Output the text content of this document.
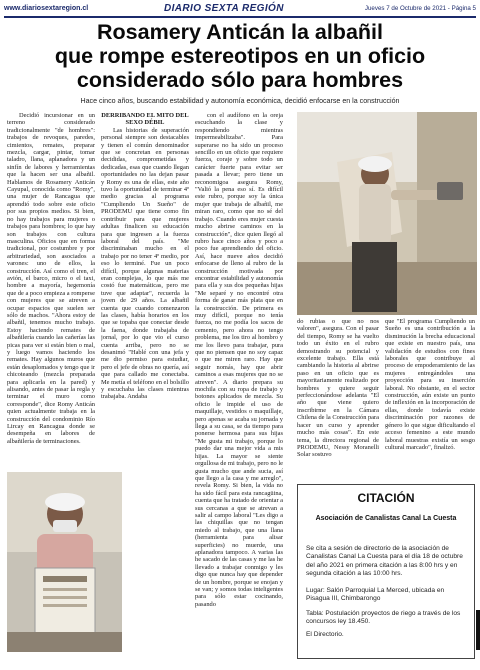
www.diariosextaregion.cl	DIARIO SEXTA REGIÓN	Jueves 7 de Octubre de 2021 - Página 5
Rosamery Anticán la albañil
que rompe estereotipos en un oficio
considerado sólo para hombres
Hace cinco años, buscando estabilidad y autonomía económica, decidió enfocarse en la construcción

Decidió incursionar en un terreno considerado tradicionalmente "de hombres": trabajos de revoques, paredes, cimientos, remates, preparar mezcla, cargar, pintar, tomar taladro, llana, aplanadora y un sinfín de labores y herramientas que la hacen ser una albañil. Hablamos de Rosamery Anticán Cayupal, conocida como "Romy", una mujer de Rancagua que aprendió todo sobre este oficio por sus propios medios. Si bien, no hay trabajos para mujeres o trabajos para hombres; lo que hay son trabajos con cultura masculina. Oficios que en forma tradicional, por costumbre y por arbitrariedad, son asociados a varones: uno de ellos, la construcción. Así como el tren, el avión, el barco, micro o el taxi, hombre a mayoría, hegemonía que de a poco empieza a romperse con mujeres que se atreven a ocupar espacios que suelen ser sólo de machos. "Ahora estoy de albañil, tenemos mucho trabajo. Estoy haciendo remates de albañilería cuando las cañerías las picas para ver si están bien o mal, y luego vamos haciendo los remates. Hay algunos muros que están desaplomados y tengo que ir chicoteando (mezcla preparada para aplicarla en la pared) y alisando, antes de pasar la regla y terminar el muro como corresponde", dice Romy Anticán quien actualmente trabaja en la construcción del condominio Río Lircay en Rancagua donde se desempeña en labores de albañilería de terminaciones.

DERRIBANDO EL MITO DEL SEXO DÉBIL

Las historias de superación personal siempre son destacables y tienen el común denominador que se concretan en personas decididas, comprometidas y dedicadas, esas que cuando llegan oportunidades no las dejan pasar y Romy es una de ellas, este año tuvo la oportunidad de terminar 4º medio gracias al programa "Cumpliendo Un Sueño" de PRODEMU que tiene como fin contribuir para que mujeres adultas finalicen su educación para que ingresen a la fuerza laboral del país. "Me discriminaban mucho en el trabajo por no tener 4º medio, por eso lo terminé. Fue un poco difícil, porque algunas materias eran complejas, lo que más me costó fue matemáticas, pero me tuve que adaptar", recuerda la joven de 29 años. La albañil cuenta que cuando comenzaron las clases, había horarios en los que se topaba que conectar desde la faena, donde trabajaba de jornal, por lo que vio el curso cuenta arriba, pero no se desanimó "Hablé con una jefa y me dio permiso para estudiar, pero el jefe de obras no quería, así que para callado me conectaba. Me metía el teléfono en el bolsillo y escuchaba las clases mientras trabajaba. Andaba

con el audífono en la oreja escuchando la clase y respondiendo mientras impermeabilizaba". Para superarse no ha sido un proceso sencillo en un oficio que requiere fuerza, coraje y sobre todo un carácter fuerte para evitar ser pasada a llevar; pero tiene un reconomigoa asegura Romy, "Valió la pena eso sí. Es difícil este rubro, porque soy la única mujer que trabaja de albañil, me miran raro, como que no sé del trabajo. Cuando eres mujer cuesta mucho abrirse caminos en la construcción", dice quien llegó al rubro hace cinco años y poco a poco fue aprendiendo del oficio. Así, hace nueve años decidió enfocarse de lleno al rubro de la construcción motivada por encontrar estabilidad y autonomía para ella y sus dos pequeñas hijas "Me separé y no encontré otra forma de ganar más plata que en la construcción. De primera es muy difícil, porque no tenía fuerza, no me podía los sacos de cemento, pero ahora no tengo problema, me los tiro al hombro y me los llevo para trabajar, pura que no piensen que no soy capaz o que me miren raro. Hay que seguir nomás, hay que abrir caminos a esas mujeres que no se atreven". A diario prepara su mochila con su ropa de trabajo y botones aplicados de mezcla. Su oficio le impide el uso de maquillaje, vestidos o maquillaje, pero apenas se acaba su jornada y llega a su casa, se da tiempo para ponerse hermosa para sus hijas "Me gusta mi trabajo, porque lo puedo dar una mejor vida a mis hijas. La mayor se siente orgullosa de mi trabajo, pero no le gusta mucho que ande sucia, así que llego a la casa y me arreglo", revela Romy. Si bien, la vida no ha sido fácil para esta rancagüina, cuenta que ha tratado de orientar a sus cercanas a que se atrevan a salir al campo laboral "Les digo a las chiquillas que no tengan miedo al trabajo, que una llana (herramienta para alisar superficies) no muerde, una aplanadora tampoco. A varias las he sacado de las casas y me las he llevado a trabajar conmigo y les digo que nunca hay que depender de un hombre, porque se enojan y se van; y somos todas inteligentes para sólo estar cocinando, pasando

do rubias o que no nos valoren", asegura. Con el pasar del tiempo, Romy se ha vuelto todo un éxito en el rubro demostrando su potencial y excelente trabajo. Ella está cambiando la historia al abrirse paso en un oficio que es mayoritariamente realizado por hombres y quiere seguir perfeccionándose adelanta "El año que viene quiero inscribirme en la Cámara Chilena de la Construcción para hacer un curso y aprender mucho más cosas". En este tema, la directora regional de PRODEMU, Nessy Moranelli Solar sostuvo

que "El programa Cumpliendo un Sueño es una contribución a la disminución la brecha educacional que existe en nuestro país, una validación de estudios con fines laborales que contribuye al proceso de empoderamiento de las mujeres entregándoles una proyección para su inserción laboral. No obstante, en el sector construcción, aún existe un punto de inflexión en la incorporación de ellas, donde todavía existe discriminación por razones de género lo que sigue dificultando el acceso femenino a este mundo laboral muestras existía un sesgo cultural marcado", finalizó.

CITACIÓN
Asociación de Canalistas Canal La Cuesta

Se cita a sesión de directorio de la asociación de Canalistas Canal La Cuesta para el día 18 de octubre del año 2021 en primera citación a las 8:00 hrs y en segunda citación a las 10:00 hrs.

Lugar: Salón Parroquial La Merced, ubicada en Pisagua III, Chimbarongo

Tabla: Postulación proyectos de riego a través de los concursos ley 18.450.

El Directorio.
